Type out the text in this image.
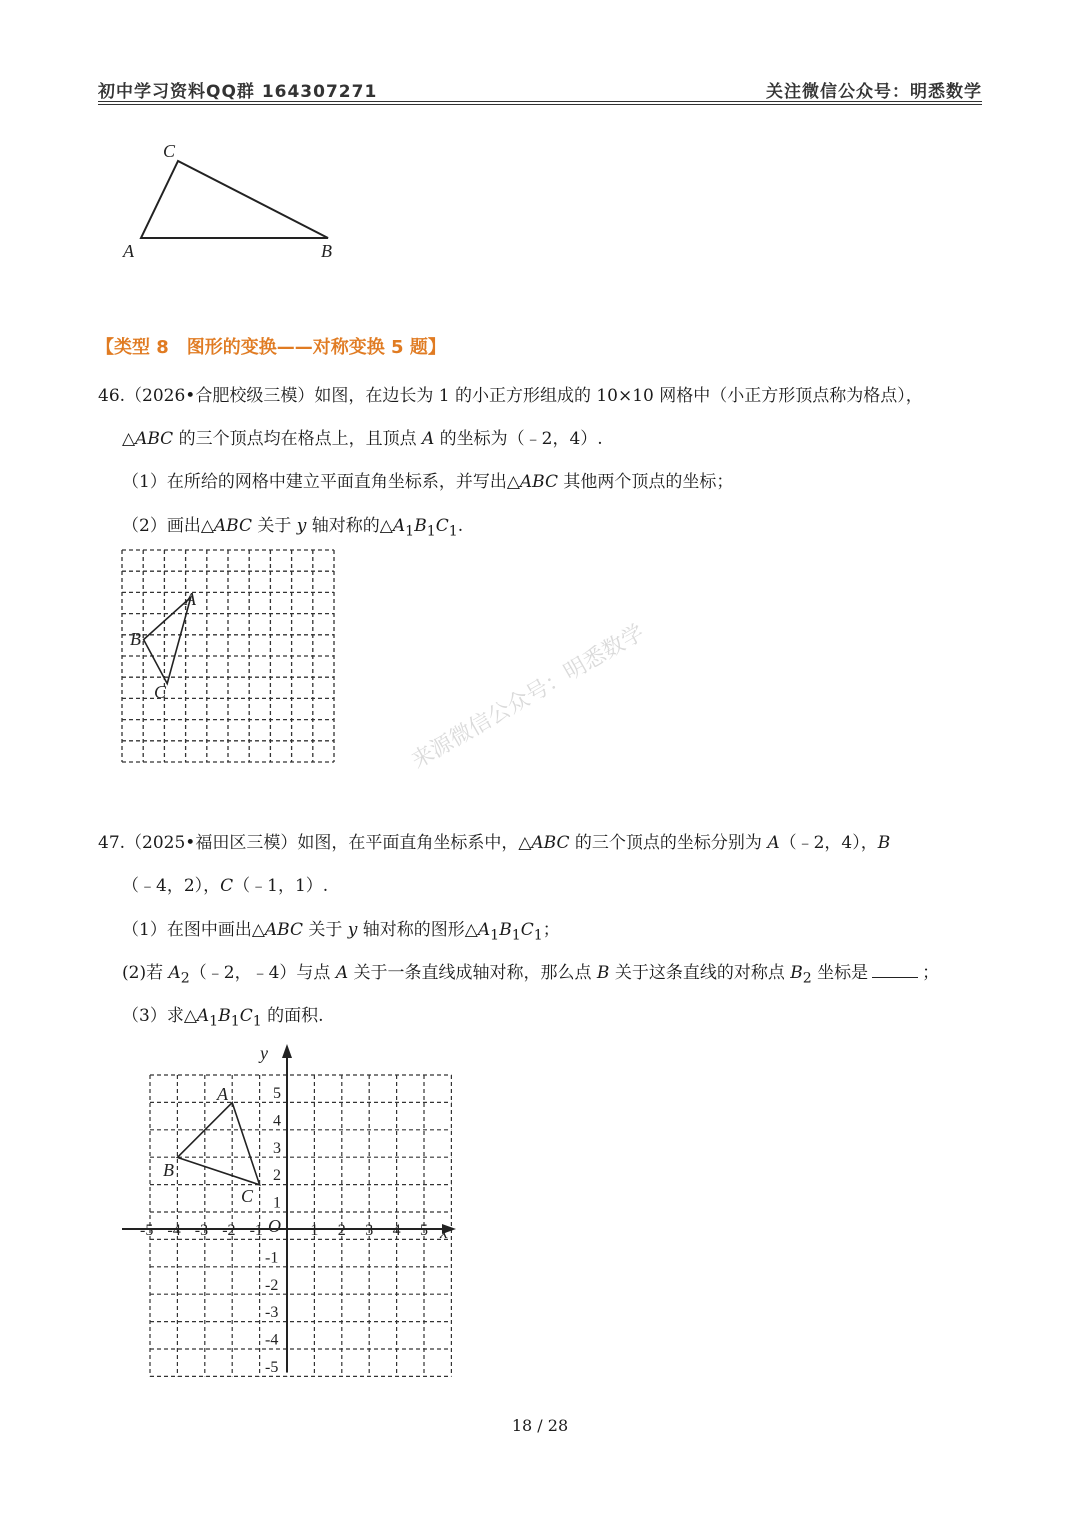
初中学习资料QQ群 164307271	关注微信公众号：明悉数学
C
A	B
【类型 8　图形的变换——对称变换 5 题】
46.（2026•合肥校级三模）如图，在边长为 1 的小正方形组成的 10×10 网格中（小正方形顶点称为格点），
△ABC 的三个顶点均在格点上，且顶点 A 的坐标为（﹣2，4）.
（1）在所给的网格中建立平面直角坐标系，并写出△ABC 其他两个顶点的坐标；
（2）画出△ABC 关于 y 轴对称的$\triangle A_1B_1C_1$.
A
B
C	来源微信公众号：明悉数学
47.（2025•福田区三模）如图，在平面直角坐标系中，△ABC 的三个顶点的坐标分别为 A（﹣2，4），B
（﹣4，2），C（﹣1，1）.
（1）在图中画出△ABC 关于 y 轴对称的图形$\triangle A_1B_1C_1$；
(2)若 $A_2(﹣2$，﹣4）与点 A 关于一条直线成轴对称，那么点 B 关于这条直线的对称点 $B_2$ 坐标是	；
（3）求$\triangle A_1B_1C_1$ 的面积.
x
y
O
-5 -4 -3 -2 -1	1 2 3 4 5
5
4
3
2
1
-1
-2
-3
-4
-5
A
B
C
18 / 28
